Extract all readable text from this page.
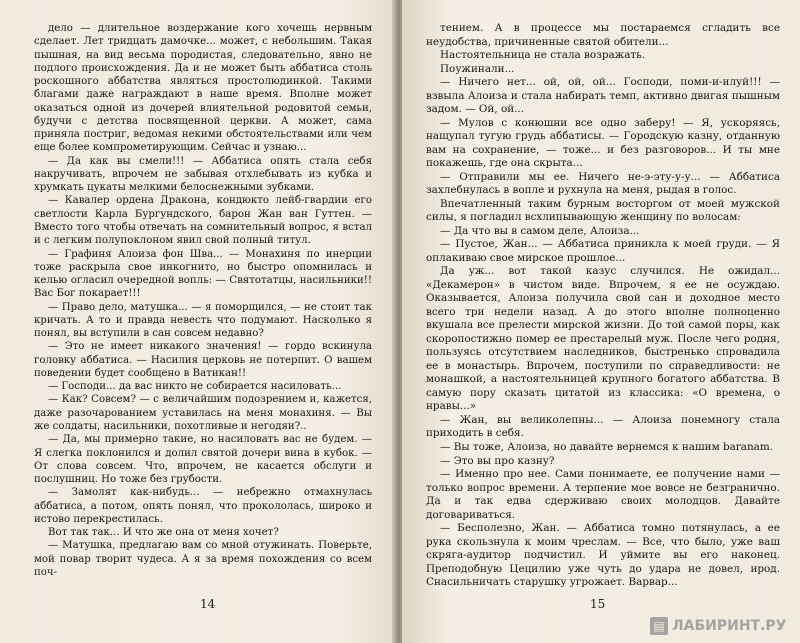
дело — длительное воздержание кого хочешь нервным сделает. Лет тридцать дамочке... может, с небольшим. Такая пышная, на вид весьма породистая, следовательно, явно не подлого происхождения. Да и не может быть аббатиса столь роскошного аббатства являться простолюдинкой. Такими благами даже награждают в наше время. Вполне может оказаться одной из дочерей влиятельной родовитой семьи, будучи с детства посвященной церкви. А может, сама приняла постриг, ведомая некими обстоятельствами или чем еще более компрометирующим. Сейчас и узнаю...
— Да как вы смели!!! — Аббатиса опять стала себя накручивать, впрочем не забывая отхлебывать из кубка и хрумкать цукаты мелкими белоснежными зубками.
— Кавалер ордена Дракона, кондюкто лейб-гвардии его светлости Карла Бургундского, барон Жан ван Гуттен. — Вместо того чтобы отвечать на сомнительный вопрос, я встал и с легким полупоклоном явил свой полный титул.
— Графиня Алоиза фон Шва... — Монахиня по инерции тоже раскрыла свое инкогнито, но быстро опомнилась и келью огласил очередной вопль: — Святотатцы, насильники!! Вас Бог покарает!!!
— Право дело, матушка... — я поморщился, — не стоит так кричать. А то и правда невесть что подумают. Насколько я понял, вы вступили в сан совсем недавно?
— Это не имеет никакого значения! — гордо вскинула головку аббатиса. — Насилия церковь не потерпит. О вашем поведении будет сообщено в Ватикан!!
— Господи... да вас никто не собирается насиловать...
— Как? Совсем? — с величайшим подозрением и, кажется, даже разочарованием уставилась на меня монахиня. — Вы же солдаты, насильники, похотливые и негодяи?..
— Да, мы примерно такие, но насиловать вас не будем. — Я слегка поклонился и долил святой дочери вина в кубок. — От слова совсем. Что, впрочем, не касается обслуги и послушниц. Но тоже без грубости.
— Замолят как-нибудь... — небрежно отмахнулась аббатиса, а потом, опять понял, что прокололась, широко и истово перекрестилась.
Вот так так... И что же она от меня хочет?
— Матушка, предлагаю вам со мной отужинать. Поверьте, мой повар творит чудеса. А я за время похождения со всем поч-
14
тением. А в процессе мы постараемся сгладить все неудобства, причиненные святой обители...
Настоятельница не стала возражать.
Поужинали...
— Ничего нет... ой, ой, ой... Господи, поми-и-илуй!!! — взвыла Алоиза и стала набирать темп, активно двигая пышным задом. — Ой, ой...
— Мулов с конюшни все одно заберу! — Я, ускоряясь, нащупал тугую грудь аббатисы. — Городскую казну, отданную вам на сохранение, — тоже... и без разговоров... И ты мне покажешь, где она скрыта...
— Отправили мы ее. Ничего не-э-эту-у-у... — Аббатиса захлебнулась в вопле и рухнула на меня, рыдая в голос.
Впечатленный таким бурным восторгом от моей мужской силы, я погладил всхлипывающую женщину по волосам:
— Да что вы в самом деле, Алоиза...
— Пустое, Жан... — Аббатиса приникла к моей груди. — Я оплакиваю свое мирское прошлое...
Да уж... вот такой казус случился. Не ожидал... «Декамерон» в чистом виде. Впрочем, я ее не осуждаю. Оказывается, Алоиза получила свой сан и доходное место всего три недели назад. А до этого вполне полноценно вкушала все прелести мирской жизни. До той самой поры, как скоропостижно помер ее престарелый муж. После чего родня, пользуясь отсутствием наследников, быстренько спровадила ее в монастырь. Впрочем, поступили по справедливости: не монашкой, а настоятельницей крупного богатого аббатства. В самую пору сказать цитатой из классика: «О времена, о нравы...»
— Жан, вы великолепны... — Алоиза понемногу стала приходить в себя.
— Вы тоже, Алоиза, но давайте вернемся к нашим baranam.
— Это вы про казну?
— Именно про нее. Сами понимаете, ее получение нами — только вопрос времени. А терпение мое вовсе не безгранично. Да и так едва сдерживаю своих молодцов. Давайте договариваться.
— Бесполезно, Жан. — Аббатиса томно потянулась, а ее рука скользнула к моим чреслам. — Все, что было, уже ваш скряга-аудитор подчистил. И уймите вы его наконец. Преподобную Цецилию уже чуть до удара не довел, ирод. Снасильничать старушку угрожает. Варвар...
15
▤ ЛАБИРИНТ.РУ
